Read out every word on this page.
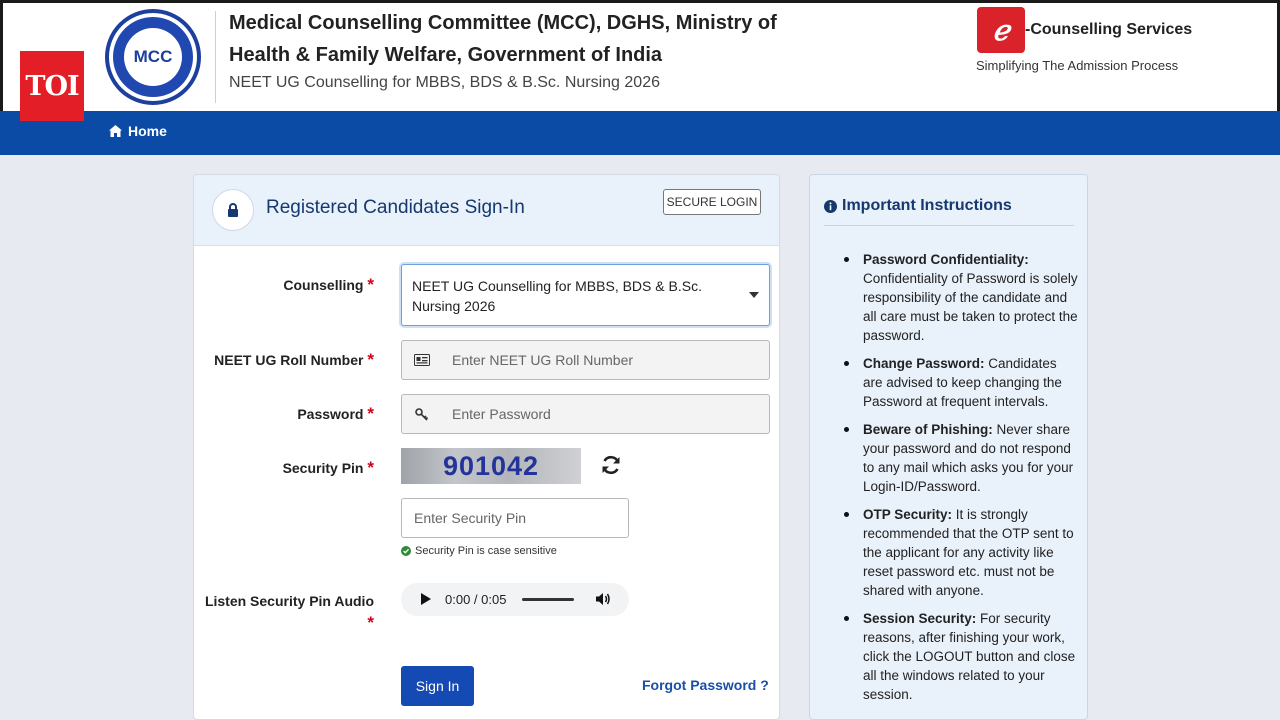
MCC
Medical Counselling Committee (MCC), DGHS, Ministry of Health & Family Welfare, Government of India
NEET UG Counselling for MBBS, BDS & B.Sc. Nursing 2026
ℯ -Counselling Services
Simplifying The Admission Process
TOI
Home
Registered Candidates Sign-In	SECURE LOGIN
Counselling *
NEET UG Roll Number *
Password *
Security Pin *
Listen Security Pin Audio
*
NEET UG Counselling for MBBS, BDS & B.Sc. Nursing 2026
Enter NEET UG Roll Number
901042
Enter Security Pin
Security Pin is case sensitive
0:00 / 0:05
Sign In	Forgot Password ?
Important Instructions
Password Confidentiality: Confidentiality of Password is solely responsibility of the candidate and all care must be taken to protect the password.
Change Password: Candidates are advised to keep changing the Password at frequent intervals.
Beware of Phishing: Never share your password and do not respond to any mail which asks you for your Login-ID/Password.
OTP Security: It is strongly recommended that the OTP sent to the applicant for any activity like reset password etc. must not be shared with anyone.
Session Security: For security reasons, after finishing your work, click the LOGOUT button and close all the windows related to your session.
